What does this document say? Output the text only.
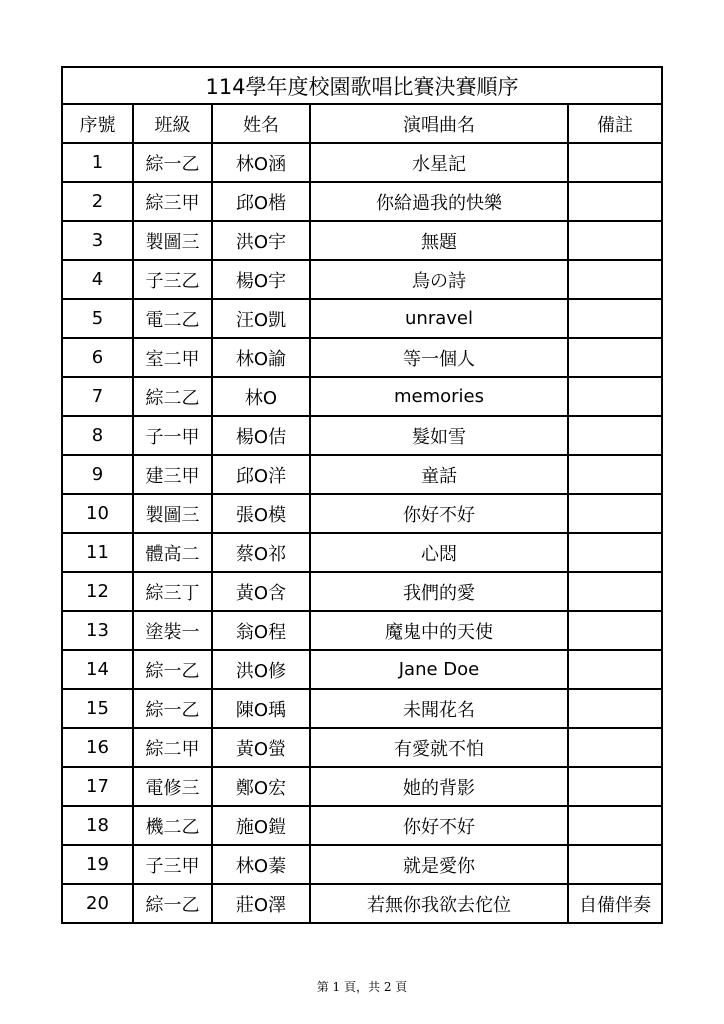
114學年度校園歌唱比賽決賽順序				
序號	班級	姓名	演唱曲名	備註
1	綜一乙	林O涵	水星記	
2	綜三甲	邱O楷	你給過我的快樂	
3	製圖三	洪O宇	無題	
4	子三乙	楊O宇	鳥の詩	
5	電二乙	汪O凱	unravel	
6	室二甲	林O諭	等一個人	
7	綜二乙	林O	memories	
8	子一甲	楊O佶	髮如雪	
9	建三甲	邱O洋	童話	
10	製圖三	張O模	你好不好	
11	體高二	蔡O祁	心悶	
12	綜三丁	黃O含	我們的愛	
13	塗裝一	翁O程	魔鬼中的天使	
14	綜一乙	洪O修	Jane Doe	
15	綜一乙	陳O瑀	未聞花名	
16	綜二甲	黃O螢	有愛就不怕	
17	電修三	鄭O宏	她的背影	
18	機二乙	施O鎧	你好不好	
19	子三甲	林O蓁	就是愛你	
20	綜一乙	莊O澤	若無你我欲去佗位	自備伴奏
第 1 頁，共 2 頁
